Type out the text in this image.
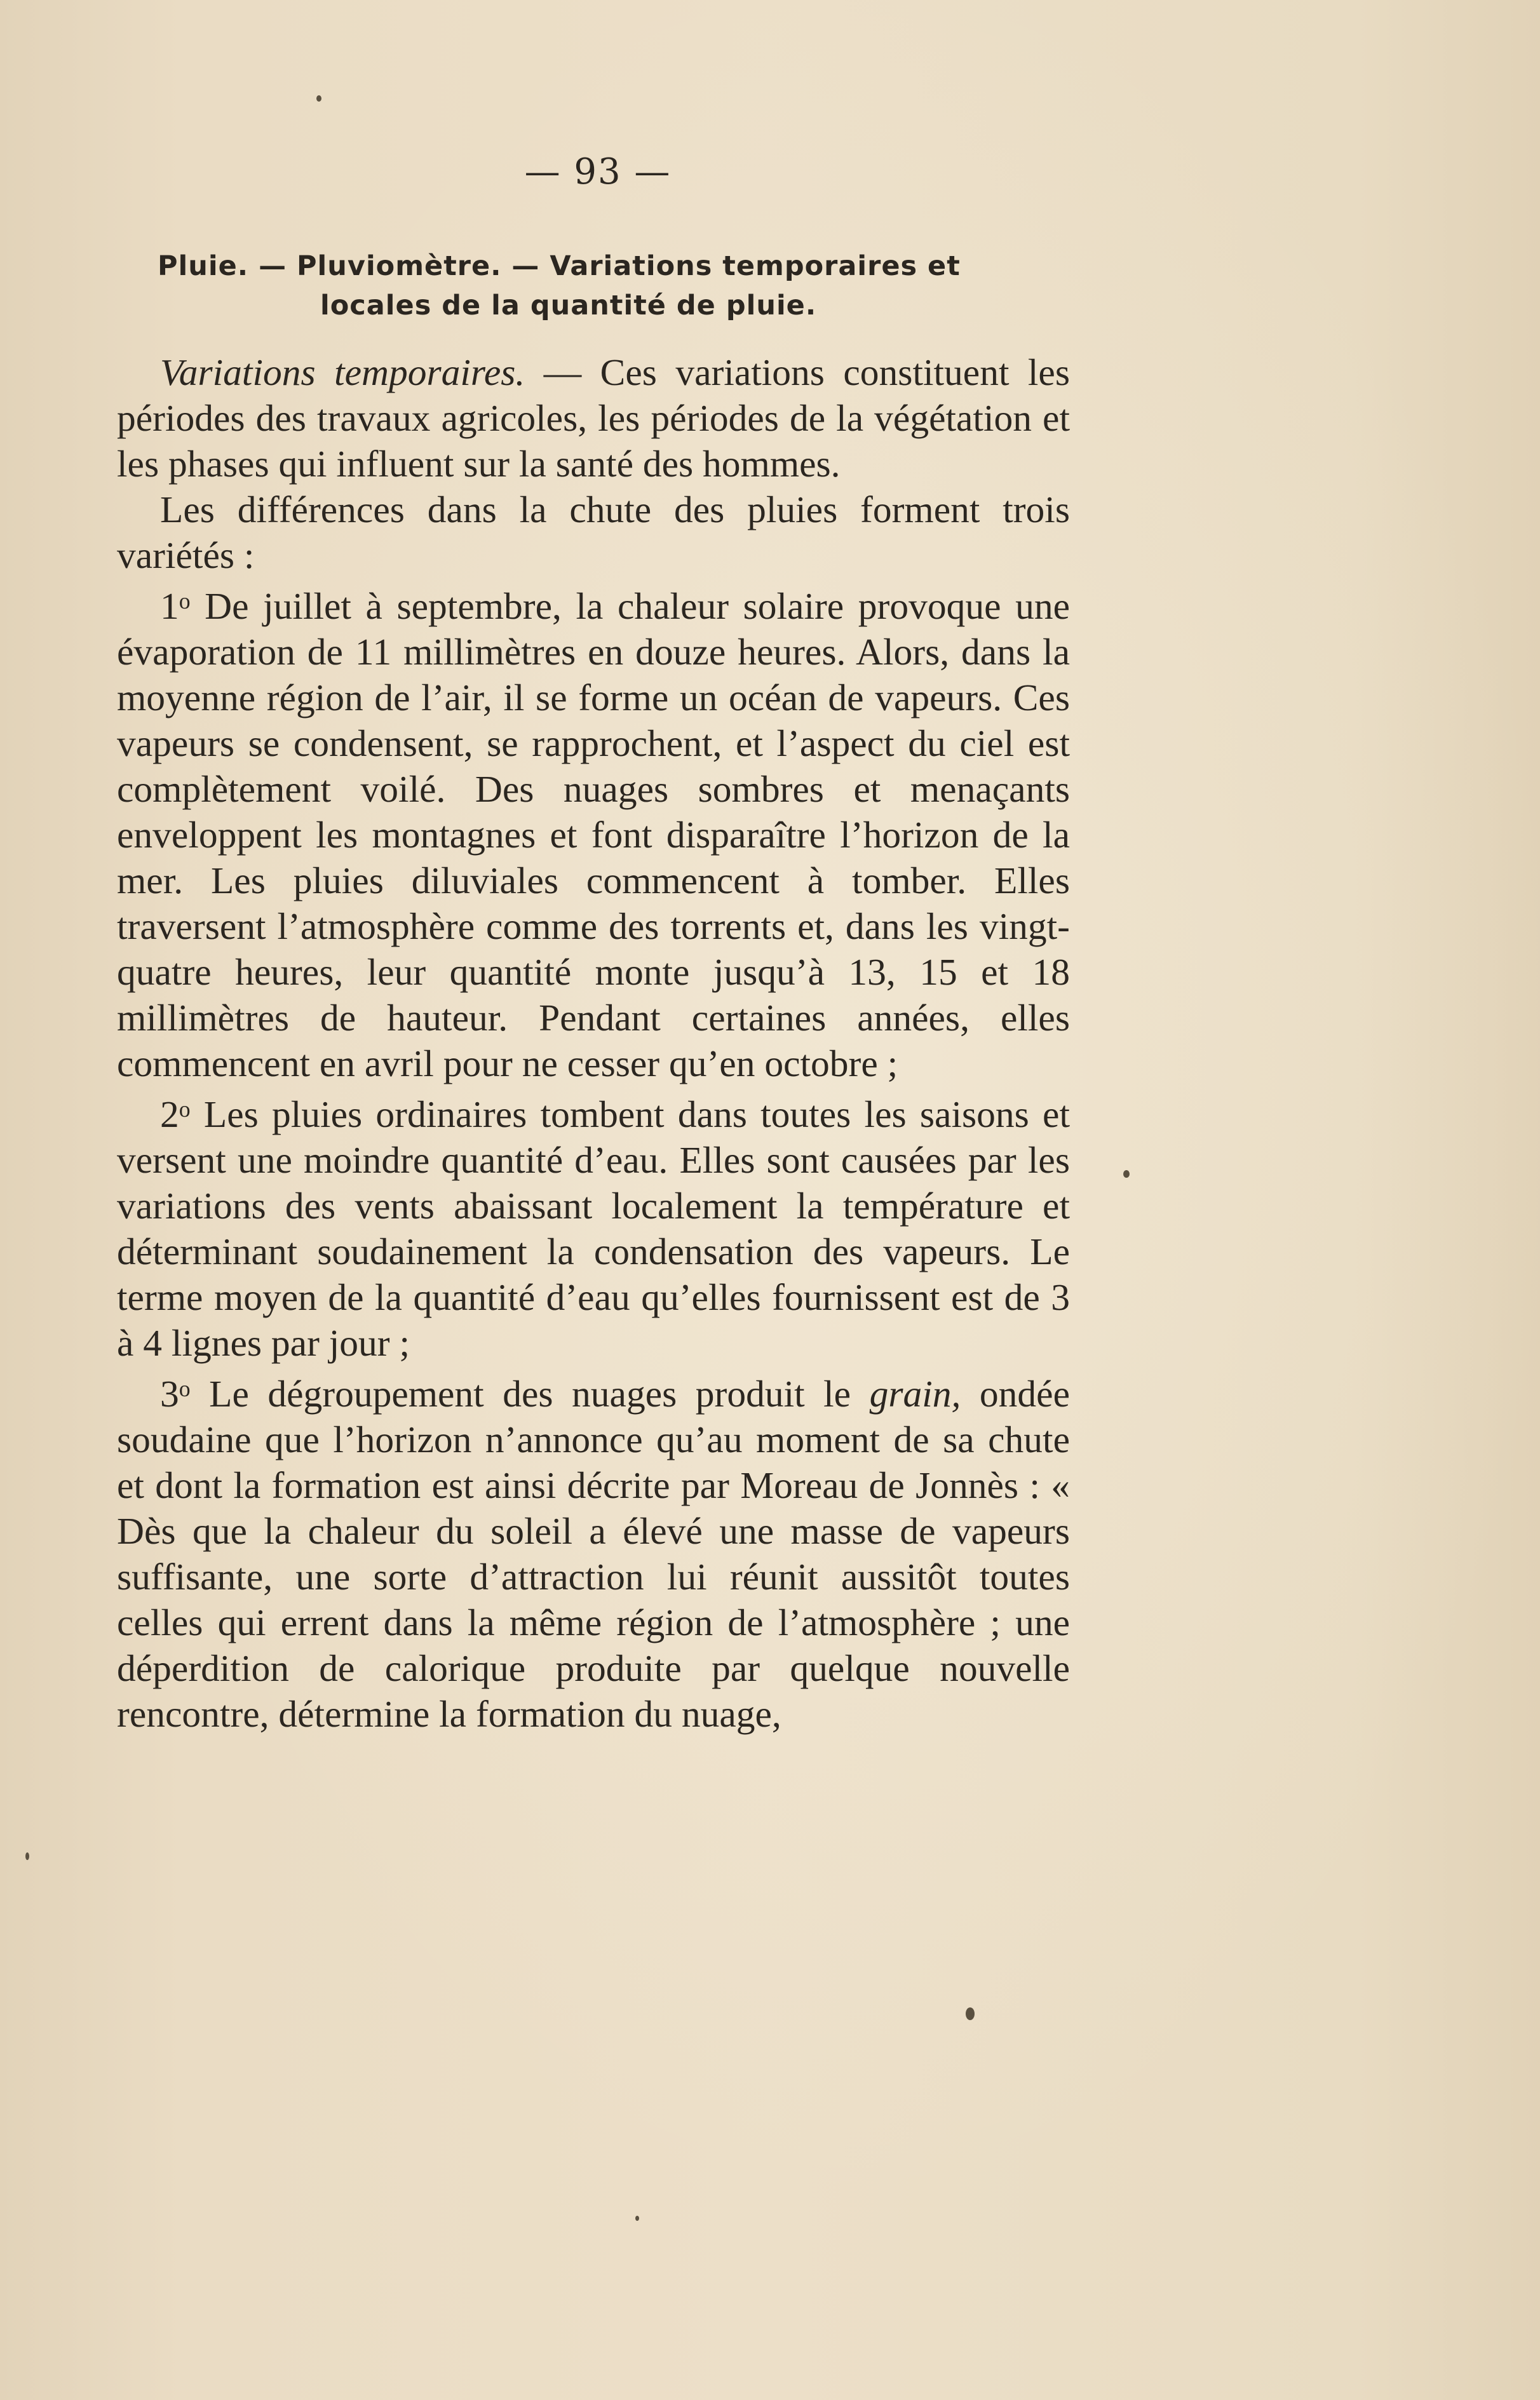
— 93 —
Pluie. — Pluviomètre. — Variations temporaires et
locales de la quantité de pluie.

Variations temporaires. — Ces variations constituent les périodes des travaux agricoles, les périodes de la végétation et les phases qui influent sur la santé des hommes.

Les différences dans la chute des pluies forment trois variétés :

1$^o$ De juillet à septembre, la chaleur solaire provoque une évaporation de 11 millimètres en douze heures. Alors, dans la moyenne région de l’air, il se forme un océan de vapeurs. Ces vapeurs se condensent, se rapprochent, et l’aspect du ciel est complètement voilé. Des nuages sombres et menaçants enveloppent les montagnes et font disparaître l’horizon de la mer. Les pluies diluviales commencent à tomber. Elles traversent l’atmosphère comme des torrents et, dans les vingt-quatre heures, leur quantité monte jusqu’à 13, 15 et 18 millimètres de hauteur. Pendant certaines années, elles commencent en avril pour ne cesser qu’en octobre ;

2$^o$ Les pluies ordinaires tombent dans toutes les saisons et versent une moindre quantité d’eau. Elles sont causées par les variations des vents abaissant localement la température et déterminant soudainement la condensation des vapeurs. Le terme moyen de la quantité d’eau qu’elles fournissent est de 3 à 4 lignes par jour ;

3$^o$ Le dégroupement des nuages produit le grain, ondée soudaine que l’horizon n’annonce qu’au moment de sa chute et dont la formation est ainsi décrite par Moreau de Jonnès : « Dès que la chaleur du soleil a élevé une masse de vapeurs suffisante, une sorte d’attraction lui réunit aussitôt toutes celles qui errent dans la même région de l’atmosphère ; une déperdition de calorique produite par quelque nouvelle rencontre, détermine la formation du nuage,
